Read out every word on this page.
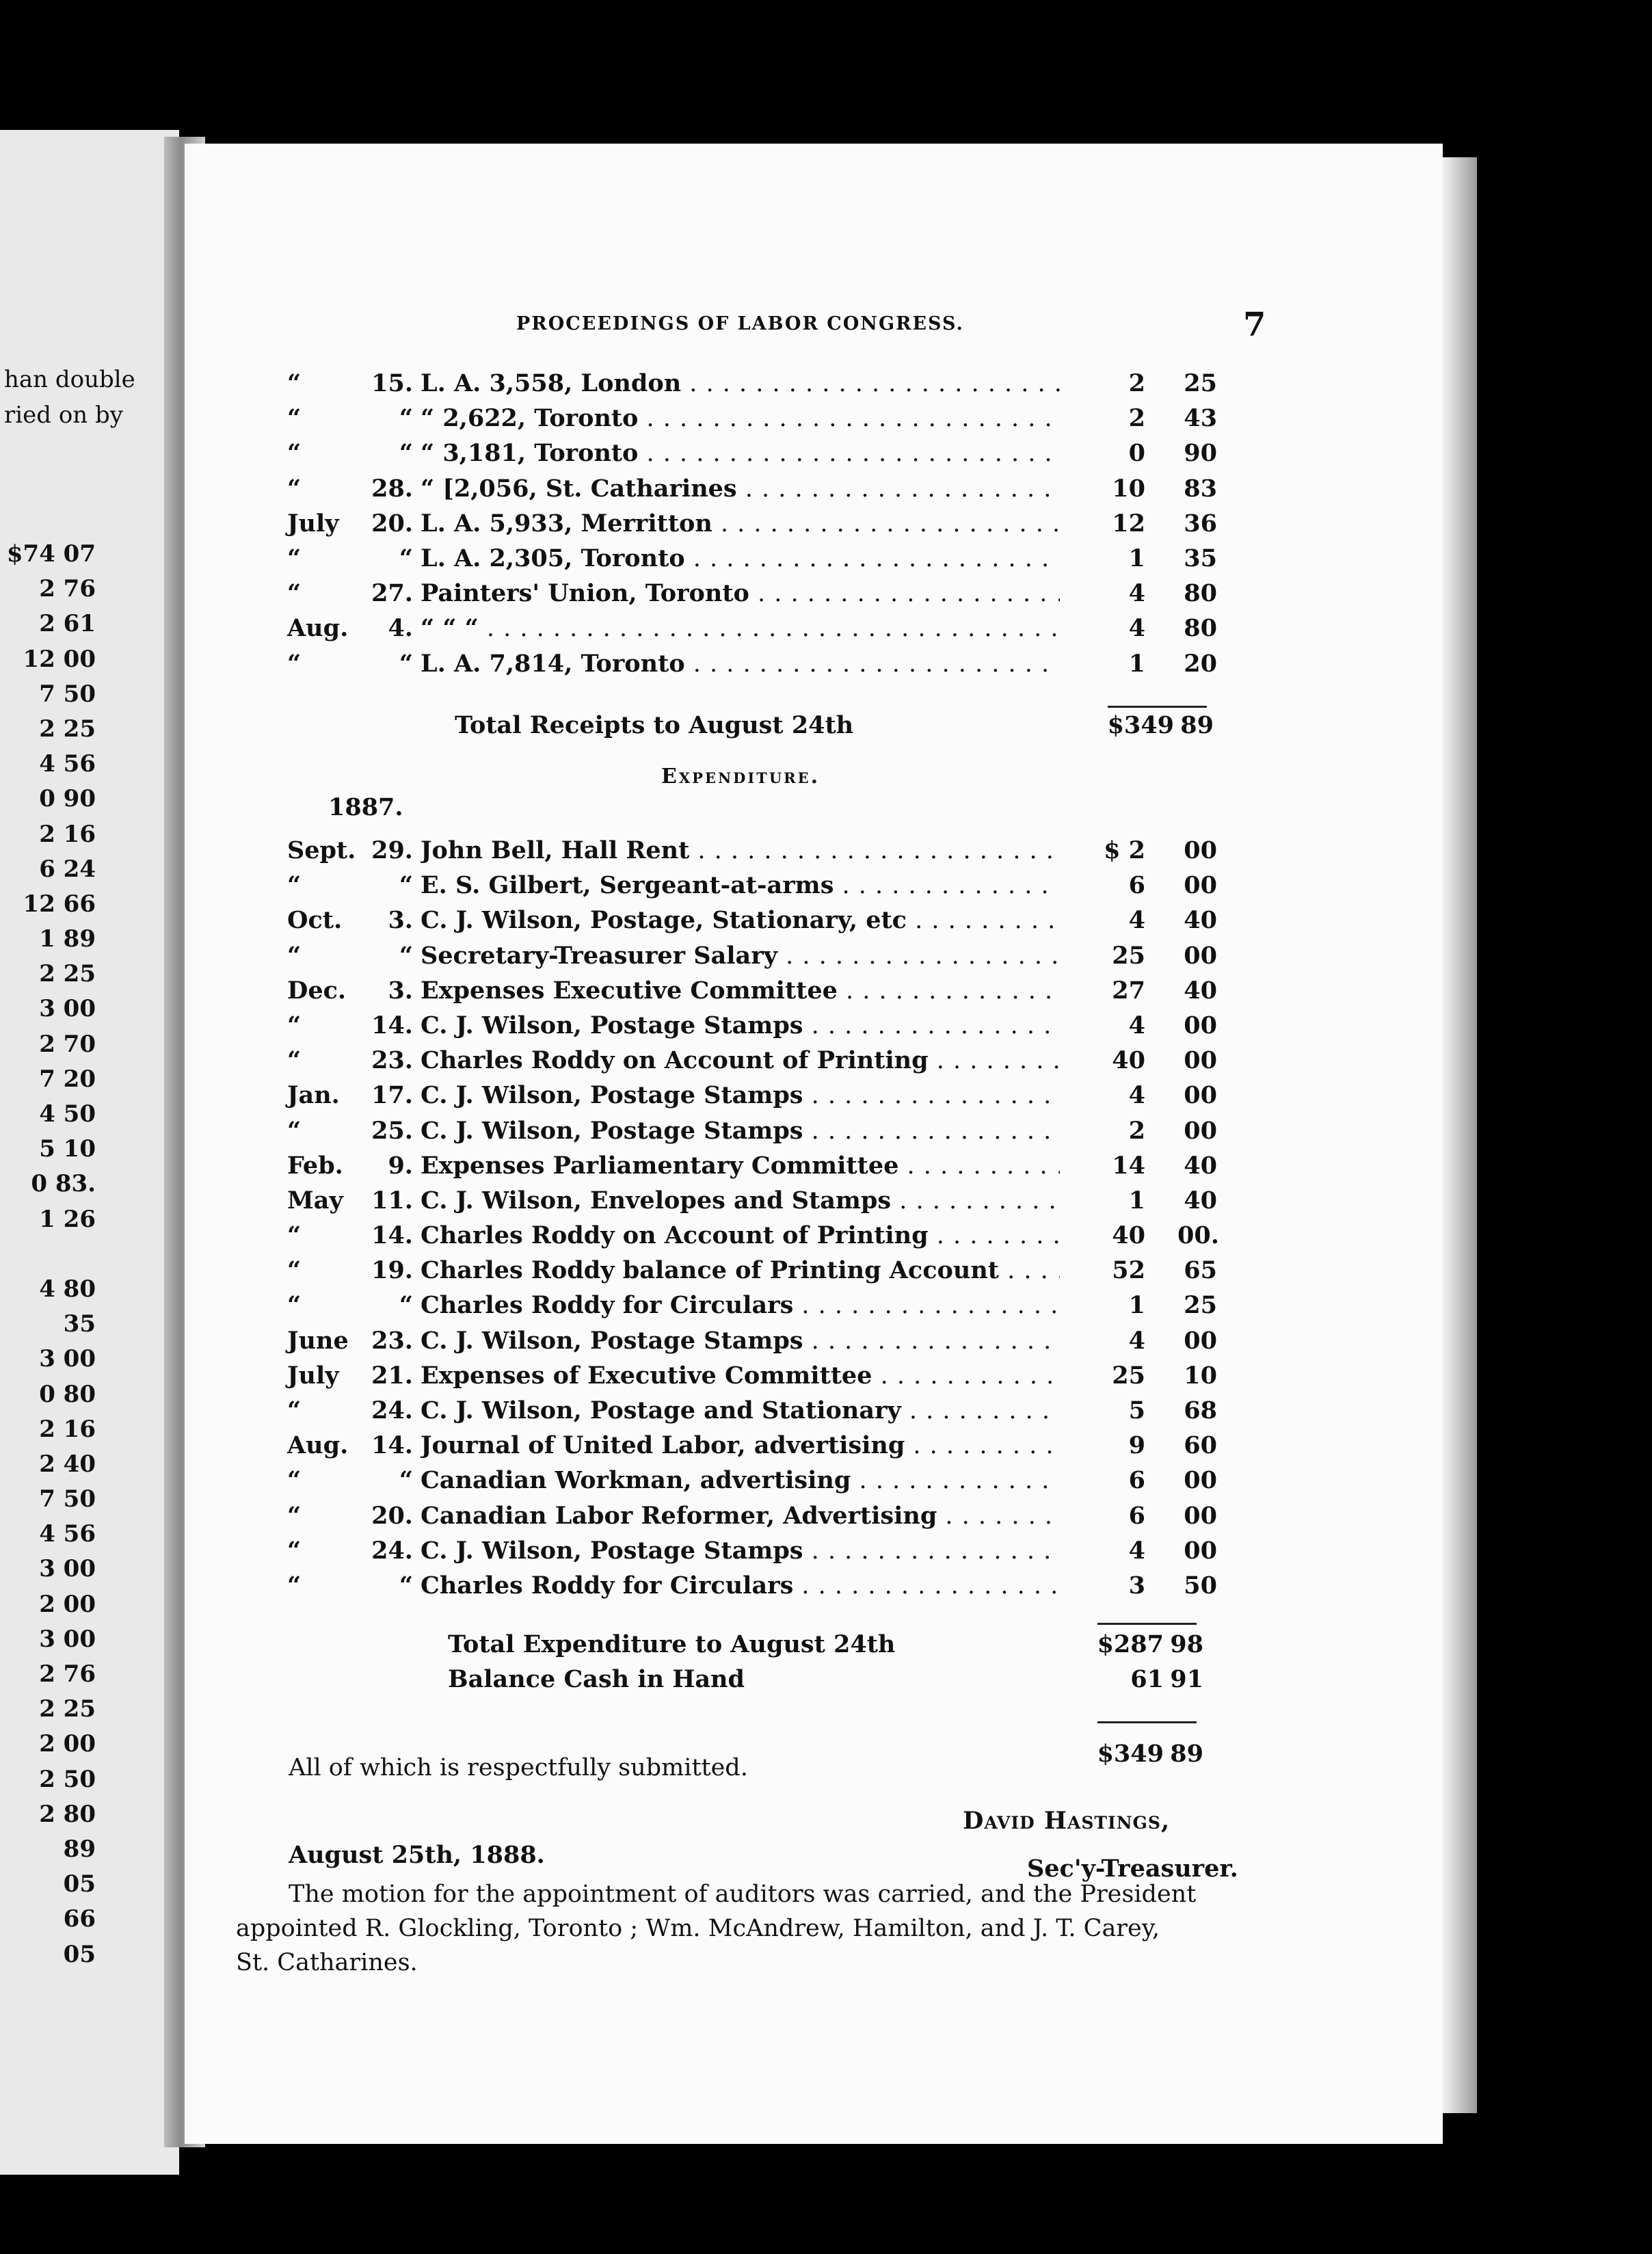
han double
ried on by
$74 07
2 76
2 61
12 00
7 50
2 25
4 56
0 90
2 16
6 24
12 66
1 89
2 25
3 00
2 70
7 20
4 50
5 10
0 83.
1 26
4 80
35
3 00
0 80
2 16
2 40
7 50
4 56
3 00
2 00
3 00
2 76
2 25
2 00
2 50
2 80
89
05
66
05
PROCEEDINGS OF LABOR CONGRESS.	7
“	15. L. A. 3,558, London . . .	2 25
“	“ “ 2,622, Toronto . . .	2 43
“	“ “ 3,181, Toronto . . .	0 90
“	28. “ [2,056, St. Catharines . . .	10 83
July	20. L. A. 5,933, Merritton . . .	12 36
“	“ L. A. 2,305, Toronto . . .	1 35
“	27. Painters' Union, Toronto . . .	4 80
Aug.	4. “ “ “ . . .	4 80
“	“ L. A. 7,814, Toronto . . .	1 20
Total Receipts to August 24th	$349 89
Expenditure.
1887.
Sept. 29. John Bell, Hall Rent . . .	$ 2 00
“	“ E. S. Gilbert, Sergeant-at-arms . . .	6 00
Oct.	3. C. J. Wilson, Postage, Stationary, etc . . .	4 40
“	“ Secretary-Treasurer Salary . . .	25 00
Dec.	3. Expenses Executive Committee . . .	27 40
“	14. C. J. Wilson, Postage Stamps . . .	4 00
“	23. Charles Roddy on Account of Printing . . .	40 00
Jan.	17. C. J. Wilson, Postage Stamps . . .	4 00
“	25. C. J. Wilson, Postage Stamps . . .	2 00
Feb.	9. Expenses Parliamentary Committee . . .	14 40
May	11. C. J. Wilson, Envelopes and Stamps . . .	1 40
“	14. Charles Roddy on Account of Printing . . .	40 00.
“	19. Charles Roddy balance of Printing Account . . .	52 65
“	“ Charles Roddy for Circulars . . .	1 25
June 23. C. J. Wilson, Postage Stamps . . .	4 00
July	21. Expenses of Executive Committee . . .	25 10
“	24. C. J. Wilson, Postage and Stationary . . .	5 68
Aug. 14. Journal of United Labor, advertising . . .	9 60
“	“ Canadian Workman, advertising . . .	6 00
“	20. Canadian Labor Reformer, Advertising . . .	6 00
“	24. C. J. Wilson, Postage Stamps . . .	4 00
“	“ Charles Roddy for Circulars . . .	3 50
Total Expenditure to August 24th	$287 98
Balance Cash in Hand	61 91
$349 89
All of which is respectfully submitted.
David Hastings,
August 25th, 1888.	Sec'y-Treasurer.
The motion for the appointment of auditors was carried, and the President
appointed R. Glockling, Toronto ; Wm. McAndrew, Hamilton, and J. T. Carey,
St. Catharines.
